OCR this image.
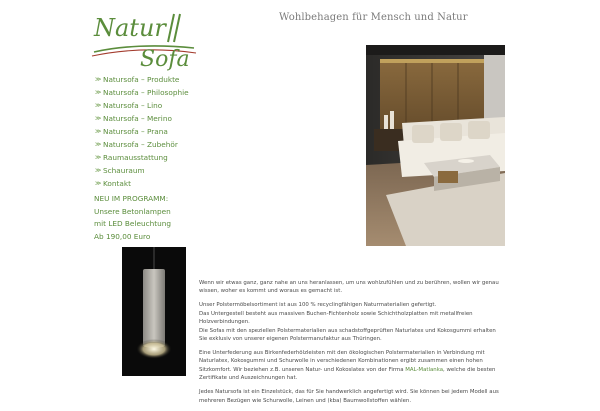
Natur
Sofa
Wohlbehagen für Mensch und Natur
≫ Natursofa – Produkte
≫ Natursofa – Philosophie
≫ Natursofa – Lino
≫ Natursofa – Merino
≫ Natursofa – Prana
≫ Natursofa – Zubehör
≫ Raumausstattung
≫ Schauraum
≫ Kontakt
NEU IM PROGRAMM:
Unsere Betonlampen
mit LED Beleuchtung
Ab 190,00 Euro

Wenn wir etwas ganz, ganz nahe an uns heranlassen, um uns wohlzufühlen und zu berühren, wollen wir genau wissen, woher es kommt und woraus es gemacht ist.

Unser Polstermöbelsortiment ist aus 100 % recyclingfähigen Naturmaterialien gefertigt.
Das Untergestell besteht aus massiven Buchen-Fichtenholz sowie Schichtholzplatten mit metallfreien Holzverbindungen.
Die Sofas mit den speziellen Polstermaterialien aus schadstoffgeprüften Naturlatex und Kokosgummi erhalten Sie exklusiv von unserer eigenen Polstermanufaktur aus Thüringen.

Eine Unterfederung aus Birkenfederhölzleisten mit den ökologischen Polstermaterialien in Verbindung mit Naturlatex, Kokosgummi und Schurwolle in verschiedenen Kombinationen ergibt zusammen einen hohen Sitzkomfort. Wir beziehen z.B. unseren Natur- und Kokoslatex von der Firma MAL-Matlanka, welche die besten Zertifikate und Auszeichnungen hat.

Jedes Natursofa ist ein Einzelstück, das für Sie handwerklich angefertigt wird. Sie können bei jedem Modell aus mehreren Bezügen wie Schurwolle, Leinen und (kba) Baumwollstoffen wählen.
